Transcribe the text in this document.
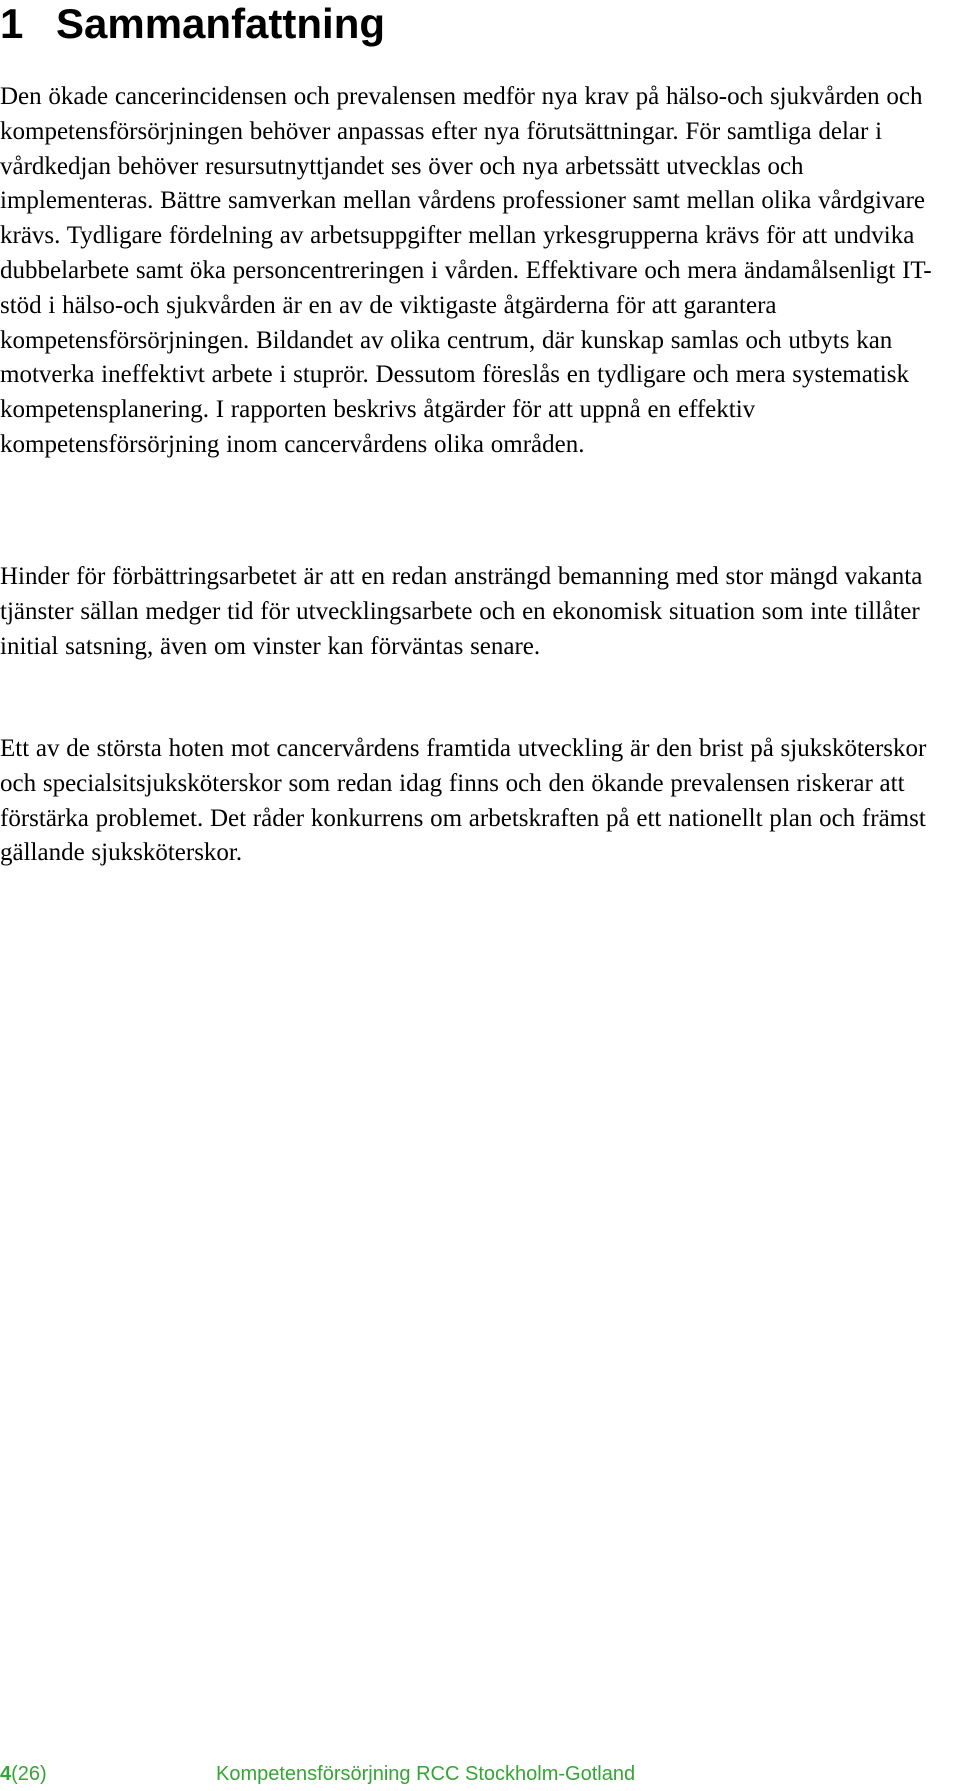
1 Sammanfattning

Den ökade cancerincidensen och prevalensen medför nya krav på hälso-och sjukvården och kompetensförsörjningen behöver anpassas efter nya förutsättningar. För samtliga delar i vårdkedjan behöver resursutnyttjandet ses över och nya arbetssätt utvecklas och implementeras. Bättre samverkan mellan vårdens professioner samt mellan olika vårdgivare krävs. Tydligare fördelning av arbetsuppgifter mellan yrkesgrupperna krävs för att undvika dubbelarbete samt öka personcentreringen i vården. Effektivare och mera ändamålsenligt IT-stöd i hälso-och sjukvården är en av de viktigaste åtgärderna för att garantera kompetensförsörjningen. Bildandet av olika centrum, där kunskap samlas och utbyts kan motverka ineffektivt arbete i stuprör. Dessutom föreslås en tydligare och mera systematisk kompetensplanering. I rapporten beskrivs åtgärder för att uppnå en effektiv kompetensförsörjning inom cancervårdens olika områden.

Hinder för förbättringsarbetet är att en redan ansträngd bemanning med stor mängd vakanta tjänster sällan medger tid för utvecklingsarbete och en ekonomisk situation som inte tillåter initial satsning, även om vinster kan förväntas senare.

Ett av de största hoten mot cancervårdens framtida utveckling är den brist på sjuksköterskor och specialsitsjuksköterskor som redan idag finns och den ökande prevalensen riskerar att förstärka problemet. Det råder konkurrens om arbetskraften på ett nationellt plan och främst gällande sjuksköterskor.

4(26)	Kompetensförsörjning RCC Stockholm-Gotland
